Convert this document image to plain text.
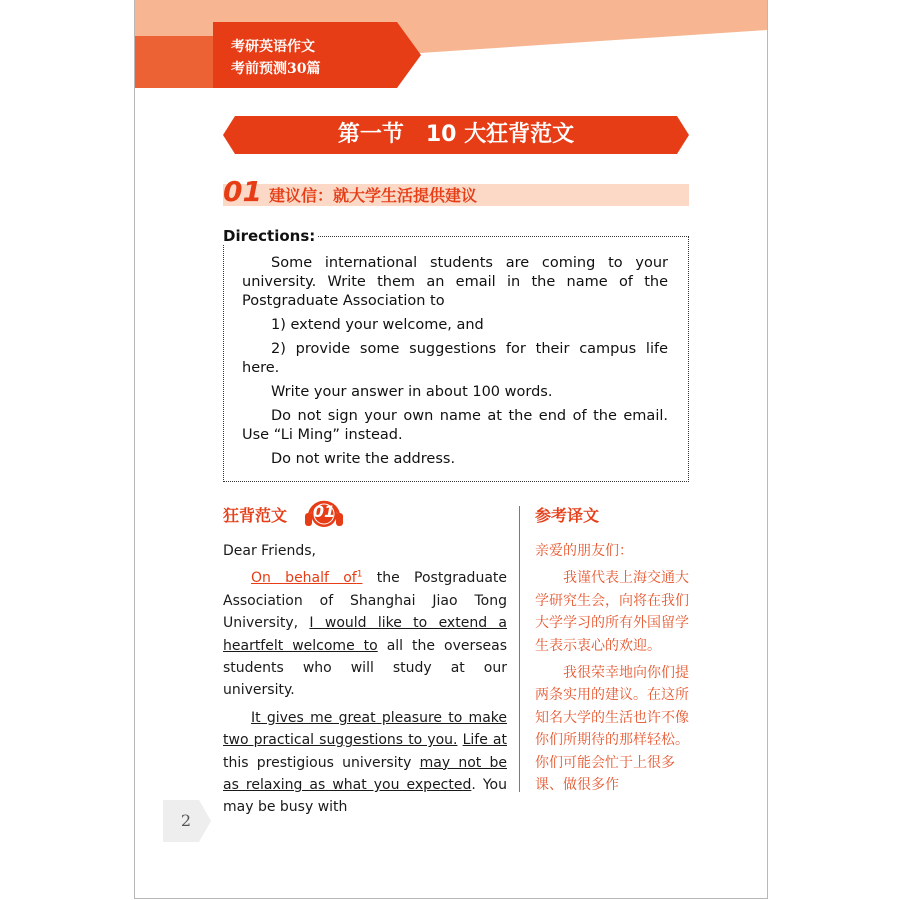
考研英语作文
考前预测30篇
第一节　10 大狂背范文
01 建议信：就大学生活提供建议
Directions:

Some international students are coming to your university. Write them an email in the name of the Postgraduate Association to

1) extend your welcome, and

2) provide some suggestions for their campus life here.

Write your answer in about 100 words.

Do not sign your own name at the end of the email. Use “Li Ming” instead.

Do not write the address.

狂背范文	01

Dear Friends,

On behalf $of^1$ the Postgraduate Association of Shanghai Jiao Tong University, I would like to extend a heartfelt welcome to all the overseas students who will study at our university.

It gives me great pleasure to make two practical suggestions to you. Life at this prestigious university may not be as relaxing as what you expected. You may be busy with

参考译文

亲爱的朋友们：

我谨代表上海交通大学研究生会，向将在我们大学学习的所有外国留学生表示衷心的欢迎。

我很荣幸地向你们提两条实用的建议。在这所知名大学的生活也许不像你们所期待的那样轻松。你们可能会忙于上很多课、做很多作

2
